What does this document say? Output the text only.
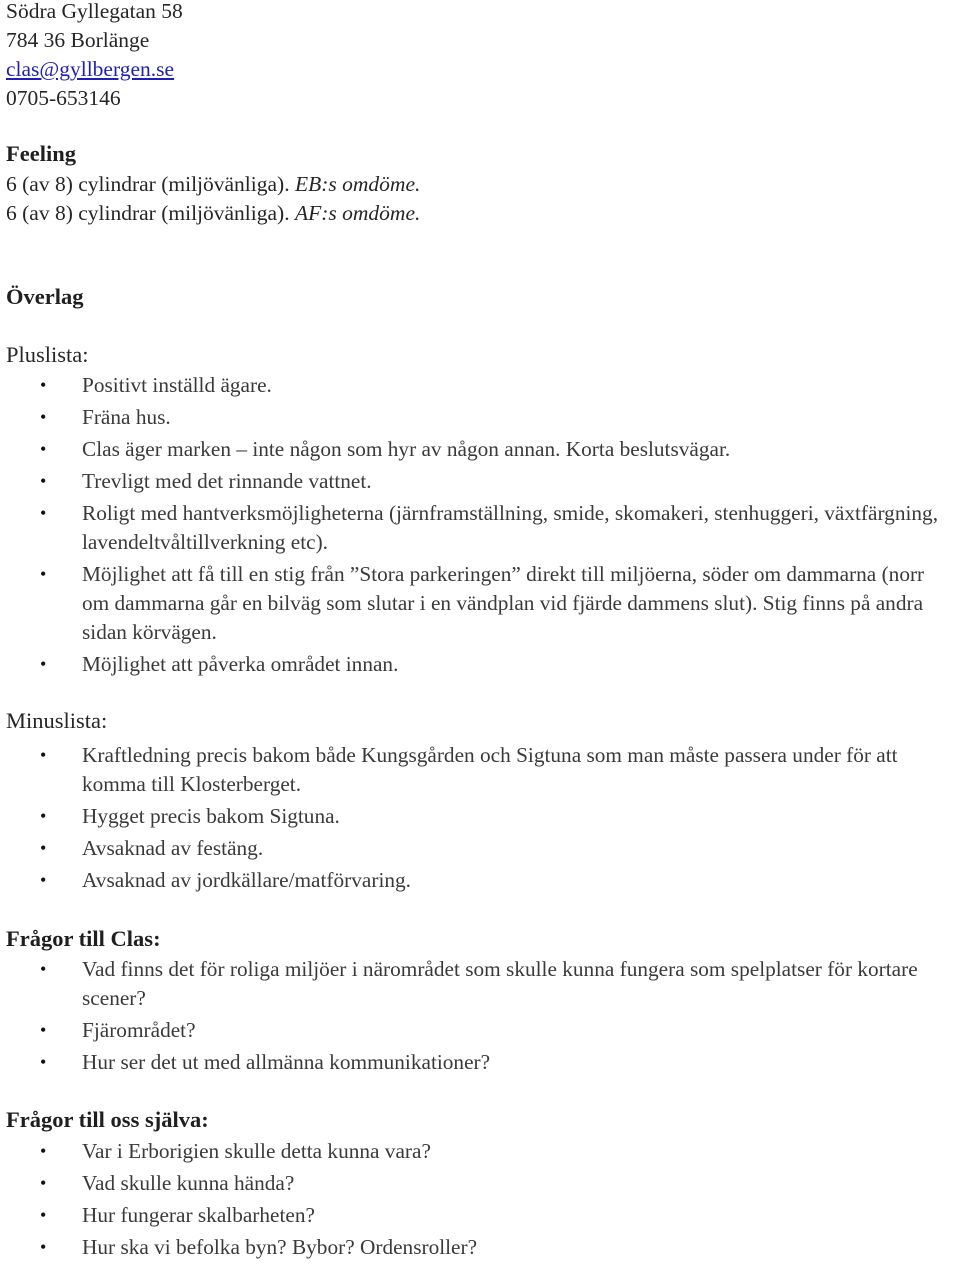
Södra Gyllegatan 58
784 36 Borlänge
clas@gyllbergen.se
0705-653146
Feeling
6 (av 8) cylindrar (miljövänliga). EB:s omdöme.
6 (av 8) cylindrar (miljövänliga). AF:s omdöme.
Överlag
Pluslista:
• Positivt inställd ägare.
• Fräna hus.
• Clas äger marken – inte någon som hyr av någon annan. Korta beslutsvägar.
• Trevligt med det rinnande vattnet.
• Roligt med hantverksmöjligheterna (järnframställning, smide, skomakeri, stenhuggeri, växtfärgning, lavendeltvåltillverkning etc).
• Möjlighet att få till en stig från ”Stora parkeringen” direkt till miljöerna, söder om dammarna (norr om dammarna går en bilväg som slutar i en vändplan vid fjärde dammens slut). Stig finns på andra sidan körvägen.
• Möjlighet att påverka området innan.
Minuslista:
• Kraftledning precis bakom både Kungsgården och Sigtuna som man måste passera under för att komma till Klosterberget.
• Hygget precis bakom Sigtuna.
• Avsaknad av festäng.
• Avsaknad av jordkällare/matförvaring.
Frågor till Clas:
• Vad finns det för roliga miljöer i närområdet som skulle kunna fungera som spelplatser för kortare scener?
• Fjärområdet?
• Hur ser det ut med allmänna kommunikationer?
Frågor till oss själva:
• Var i Erborigien skulle detta kunna vara?
• Vad skulle kunna hända?
• Hur fungerar skalbarheten?
• Hur ska vi befolka byn? Bybor? Ordensroller?
